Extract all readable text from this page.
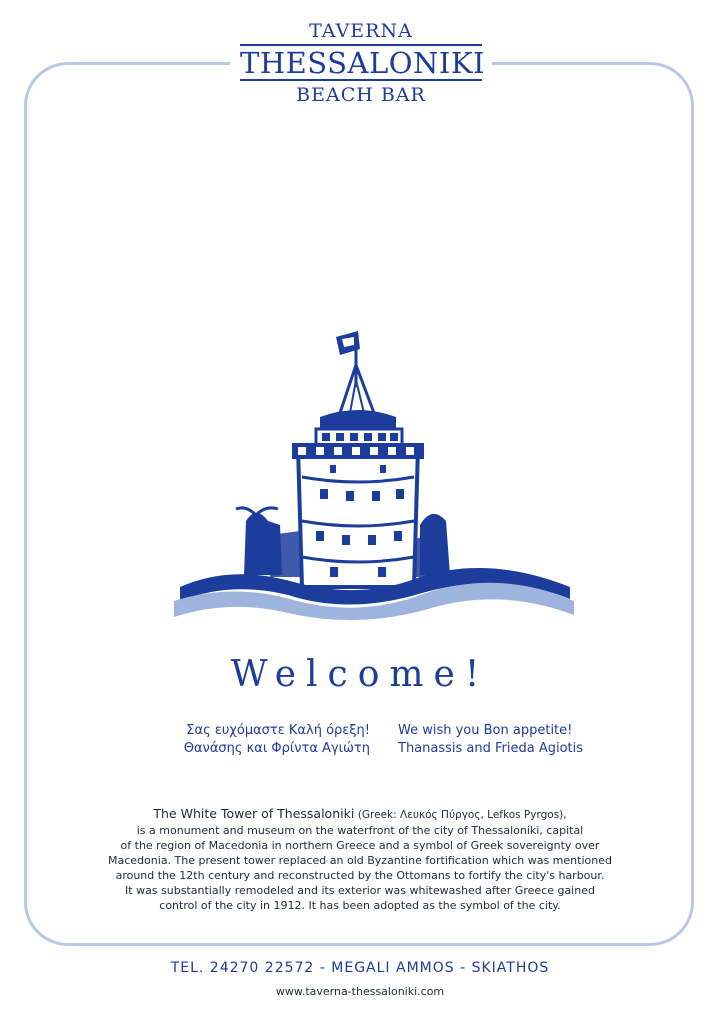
TAVERNA
THESSALONIKI
BEACH BAR
Welcome!
Σας ευχόμαστε Καλή όρεξη!
Θανάσης και Φρίντα Αγιώτη
We wish you Bon appetite!
Thanassis and Frieda Agiotis
The White Tower of Thessaloniki (Greek: Λευκός Πύργος, Lefkos Pyrgos),
is a monument and museum on the waterfront of the city of Thessaloniki, capital
of the region of Macedonia in northern Greece and a symbol of Greek sovereignty over
Macedonia. The present tower replaced an old Byzantine fortification which was mentioned
around the 12th century and reconstructed by the Ottomans to fortify the city's harbour.
It was substantially remodeled and its exterior was whitewashed after Greece gained
control of the city in 1912. It has been adopted as the symbol of the city.
TEL. 24270 22572 - MEGALI AMMOS - SKIATHOS
www.taverna-thessaloniki.com
